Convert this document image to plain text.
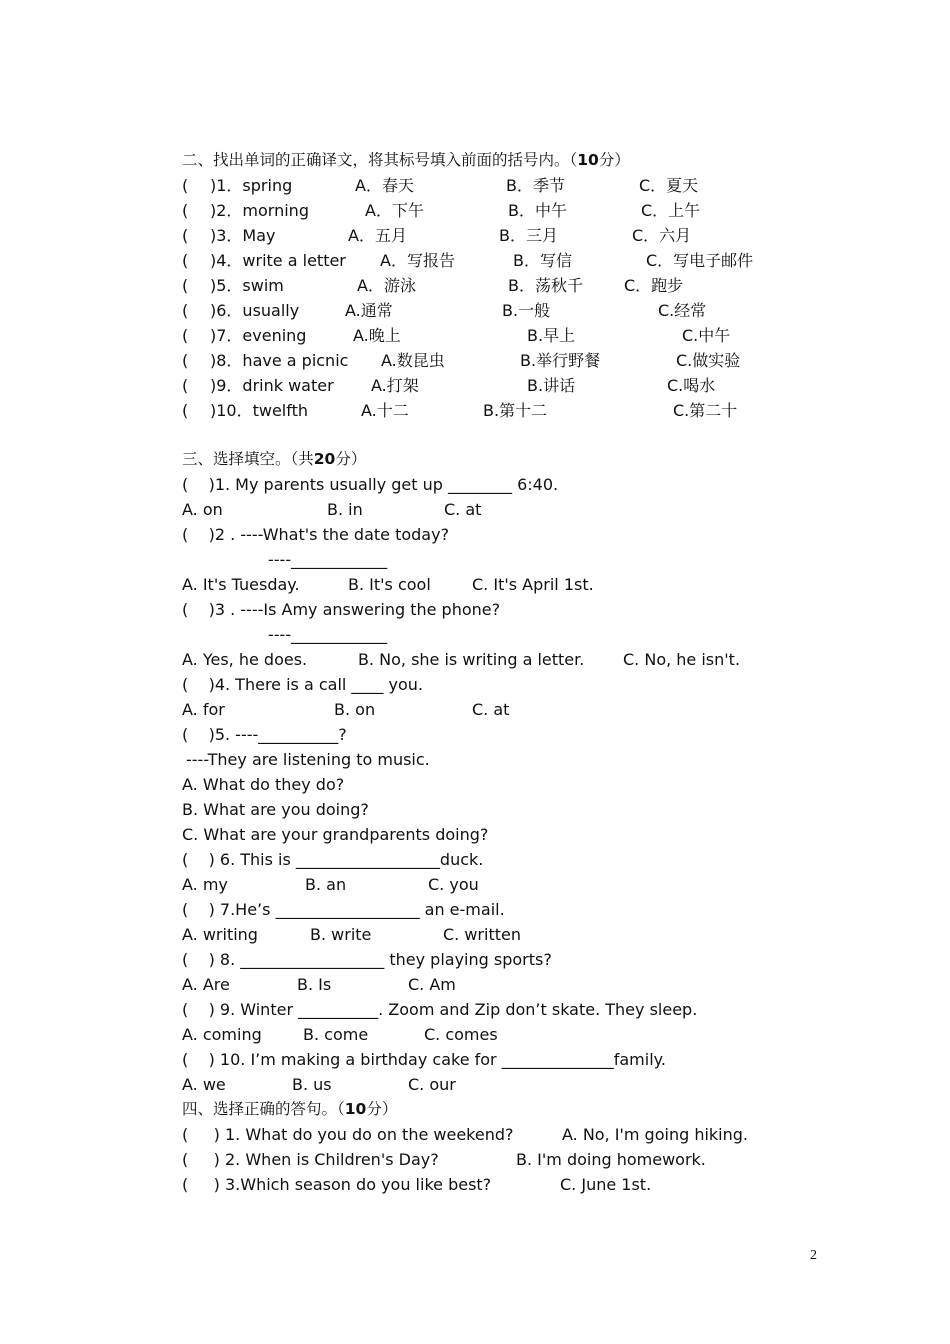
二、找出单词的正确译文，将其标号填入前面的括号内。（10分）
( )1．spring	A．春天	B．季节	C．夏天
( )2．morning	A．下午	B．中午	C．上午
( )3．May	A．五月	B．三月	C．六月
( )4．write a letter A．写报告	B．写信	C．写电子邮件
( )5．swim	A．游泳	B．荡秋千	C．跑步
( )6．usually	A.通常	B.一般	C.经常
( )7．evening	A.晚上	B.早上	C.中午
( )8．have a picnic A.数昆虫	B.举行野餐	C.做实验
( )9．drink water A.打架	B.讲话	C.喝水
( )10．twelfth	A.十二	B.第十二	C.第二十
三、选择填空。（共20分）
(    )1. My parents usually get up ________ 6:40.
A. on	B. in	C. at
(    )2 . ----What's the date today?
----____________
A. It's Tuesday.	B. It's cool	C. It's April 1st.
(    )3 . ----Is Amy answering the phone?
----____________
A. Yes, he does.	B. No, she is writing a letter. C. No, he isn't.
(    )4. There is a call ____ you.
A. for	B. on	C. at
(    )5. ----__________?
----They are listening to music.
A. What do they do?
B. What are you doing?
C. What are your grandparents doing?
(    ) 6. This is __________________duck.
A. my	B. an	C. you
(    ) 7.He’s __________________ an e-mail.
A. writing	B. write	C. written
(    ) 8. __________________ they playing sports?
A. Are	B. Is	C. Am
(    ) 9. Winter __________. Zoom and Zip don’t skate. They sleep.
A. coming	B. come	C. comes
(    ) 10. I’m making a birthday cake for ______________family.
A. we	B. us	C. our
四、选择正确的答句。（10分）
(     ) 1. What do you do on the weekend?	A. No, I'm going hiking.
(     ) 2. When is Children's Day?	B. I'm doing homework.
(     ) 3.Which season do you like best?	C. June 1st.
2
